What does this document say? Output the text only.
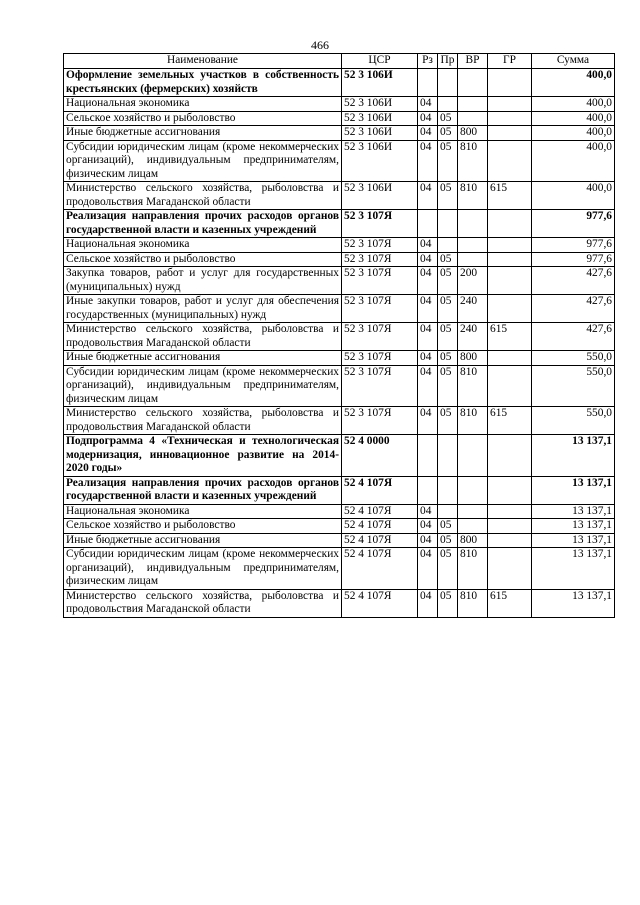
466
Наименование	ЦСР	Рз	Пр	ВР	ГР	Сумма
Оформление земельных участков в собственность крестьянских (фермерских) хозяйств	52 3 106И					400,0
Национальная экономика	52 3 106И	04				400,0
Сельское хозяйство и рыболовство	52 3 106И	04	05			400,0
Иные бюджетные ассигнования	52 3 106И	04	05	800		400,0
Субсидии юридическим лицам (кроме некоммерческих организаций), индивидуальным предпринимателям, физическим лицам	52 3 106И	04	05	810		400,0
Министерство сельского хозяйства, рыболовства и продовольствия Магаданской области	52 3 106И	04	05	810	615	400,0
Реализация направления прочих расходов органов государственной власти и казенных учреждений	52 3 107Я					977,6
Национальная экономика	52 3 107Я	04				977,6
Сельское хозяйство и рыболовство	52 3 107Я	04	05			977,6
Закупка товаров, работ и услуг для государственных (муниципальных) нужд	52 3 107Я	04	05	200		427,6
Иные закупки товаров, работ и услуг для обеспечения государственных (муниципальных) нужд	52 3 107Я	04	05	240		427,6
Министерство сельского хозяйства, рыболовства и продовольствия Магаданской области	52 3 107Я	04	05	240	615	427,6
Иные бюджетные ассигнования	52 3 107Я	04	05	800		550,0
Субсидии юридическим лицам (кроме некоммерческих организаций), индивидуальным предпринимателям, физическим лицам	52 3 107Я	04	05	810		550,0
Министерство сельского хозяйства, рыболовства и продовольствия Магаданской области	52 3 107Я	04	05	810	615	550,0
Подпрограмма 4 «Техническая и технологическая модернизация, инновационное развитие на 2014-2020 годы»	52 4 0000					13 137,1
Реализация направления прочих расходов органов государственной власти и казенных учреждений	52 4 107Я					13 137,1
Национальная экономика	52 4 107Я	04				13 137,1
Сельское хозяйство и рыболовство	52 4 107Я	04	05			13 137,1
Иные бюджетные ассигнования	52 4 107Я	04	05	800		13 137,1
Субсидии юридическим лицам (кроме некоммерческих организаций), индивидуальным предпринимателям, физическим лицам	52 4 107Я	04	05	810		13 137,1
Министерство сельского хозяйства, рыболовства и продовольствия Магаданской области	52 4 107Я	04	05	810	615	13 137,1
